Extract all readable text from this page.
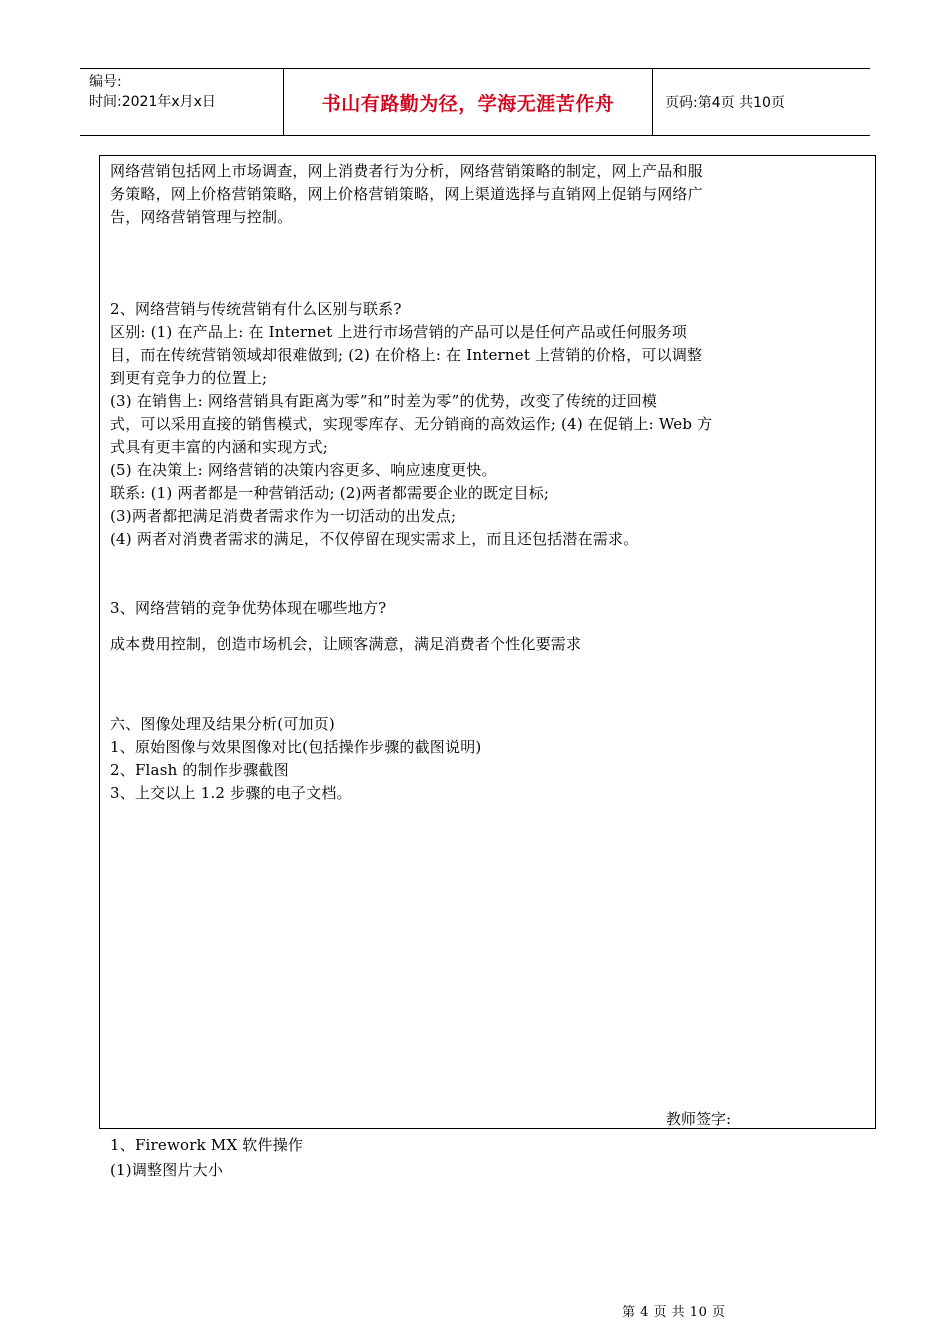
编号:
时间:2021年x月x日	书山有路勤为径，学海无涯苦作舟	页码:第4页 共10页
网络营销包括网上市场调查，网上消费者行为分析，网络营销策略的制定，网上产品和服
务策略，网上价格营销策略，网上价格营销策略，网上渠道选择与直销网上促销与网络广
告，网络营销管理与控制。
2、网络营销与传统营销有什么区别与联系?
区别: (1) 在产品上: 在 Internet 上进行市场营销的产品可以是任何产品或任何服务项
目，而在传统营销领域却很难做到; (2) 在价格上: 在 Internet 上营销的价格，可以调整
到更有竞争力的位置上;
(3) 在销售上: 网络营销具有距离为零”和”时差为零”的优势，改变了传统的迂回模
式，可以采用直接的销售模式，实现零库存、无分销商的高效运作; (4) 在促销上: Web 方
式具有更丰富的内涵和实现方式;
(5) 在决策上: 网络营销的决策内容更多、响应速度更快。
联系: (1) 两者都是一种营销活动; (2)两者都需要企业的既定目标;
(3)两者都把满足消费者需求作为一切活动的出发点;
(4) 两者对消费者需求的满足，不仅停留在现实需求上，而且还包括潜在需求。
3、网络营销的竞争优势体现在哪些地方?
成本费用控制，创造市场机会，让顾客满意，满足消费者个性化要需求
六、图像处理及结果分析(可加页)
1、原始图像与效果图像对比(包括操作步骤的截图说明)
2、Flash 的制作步骤截图
3、上交以上 1.2 步骤的电子文档。
教师签字:
1、Firework MX 软件操作
(1)调整图片大小
第 4 页 共 10 页
